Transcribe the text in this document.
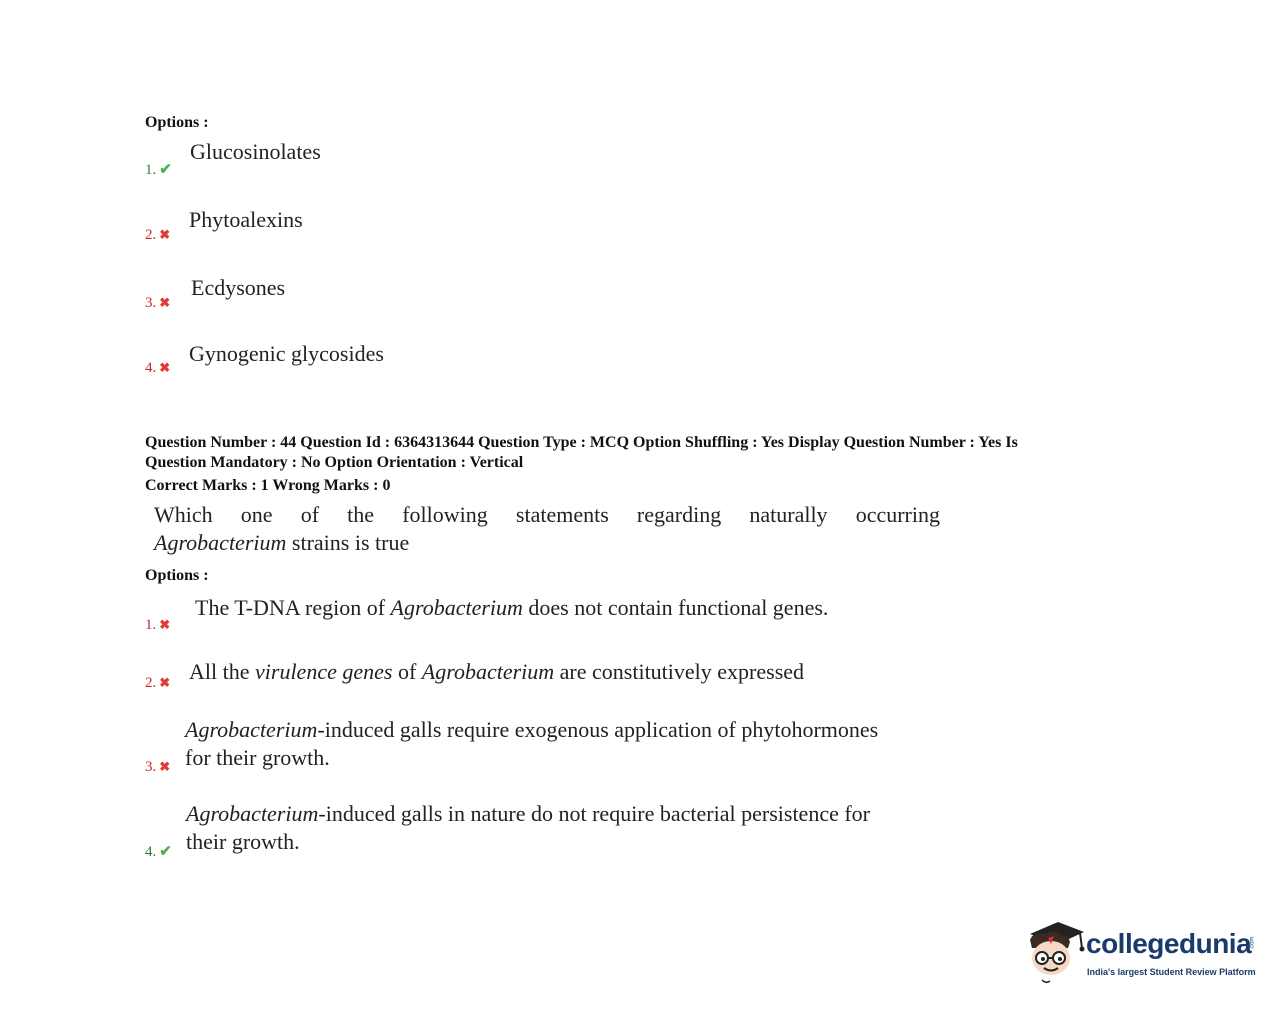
Options :
1. ✔
Glucosinolates
2. ✖
Phytoalexins
3. ✖
Ecdysones
4. ✖
Gynogenic glycosides
Question Number : 44 Question Id : 6364313644 Question Type : MCQ Option Shuffling : Yes Display Question Number : Yes Is
Question Mandatory : No Option Orientation : Vertical
Correct Marks : 1 Wrong Marks : 0
Which one of the following statements regarding naturally occurring
Agrobacterium strains is true
Options :
1. ✖
The T-DNA region of Agrobacterium does not contain functional genes.
2. ✖ All the virulence genes of Agrobacterium are constitutively expressed
3. ✖
Agrobacterium-induced galls require exogenous application of phytohormones
for their growth.
4. ✔
Agrobacterium-induced galls in nature do not require bacterial persistence for
their growth.
collegedunia
.com
India's largest Student Review Platform
